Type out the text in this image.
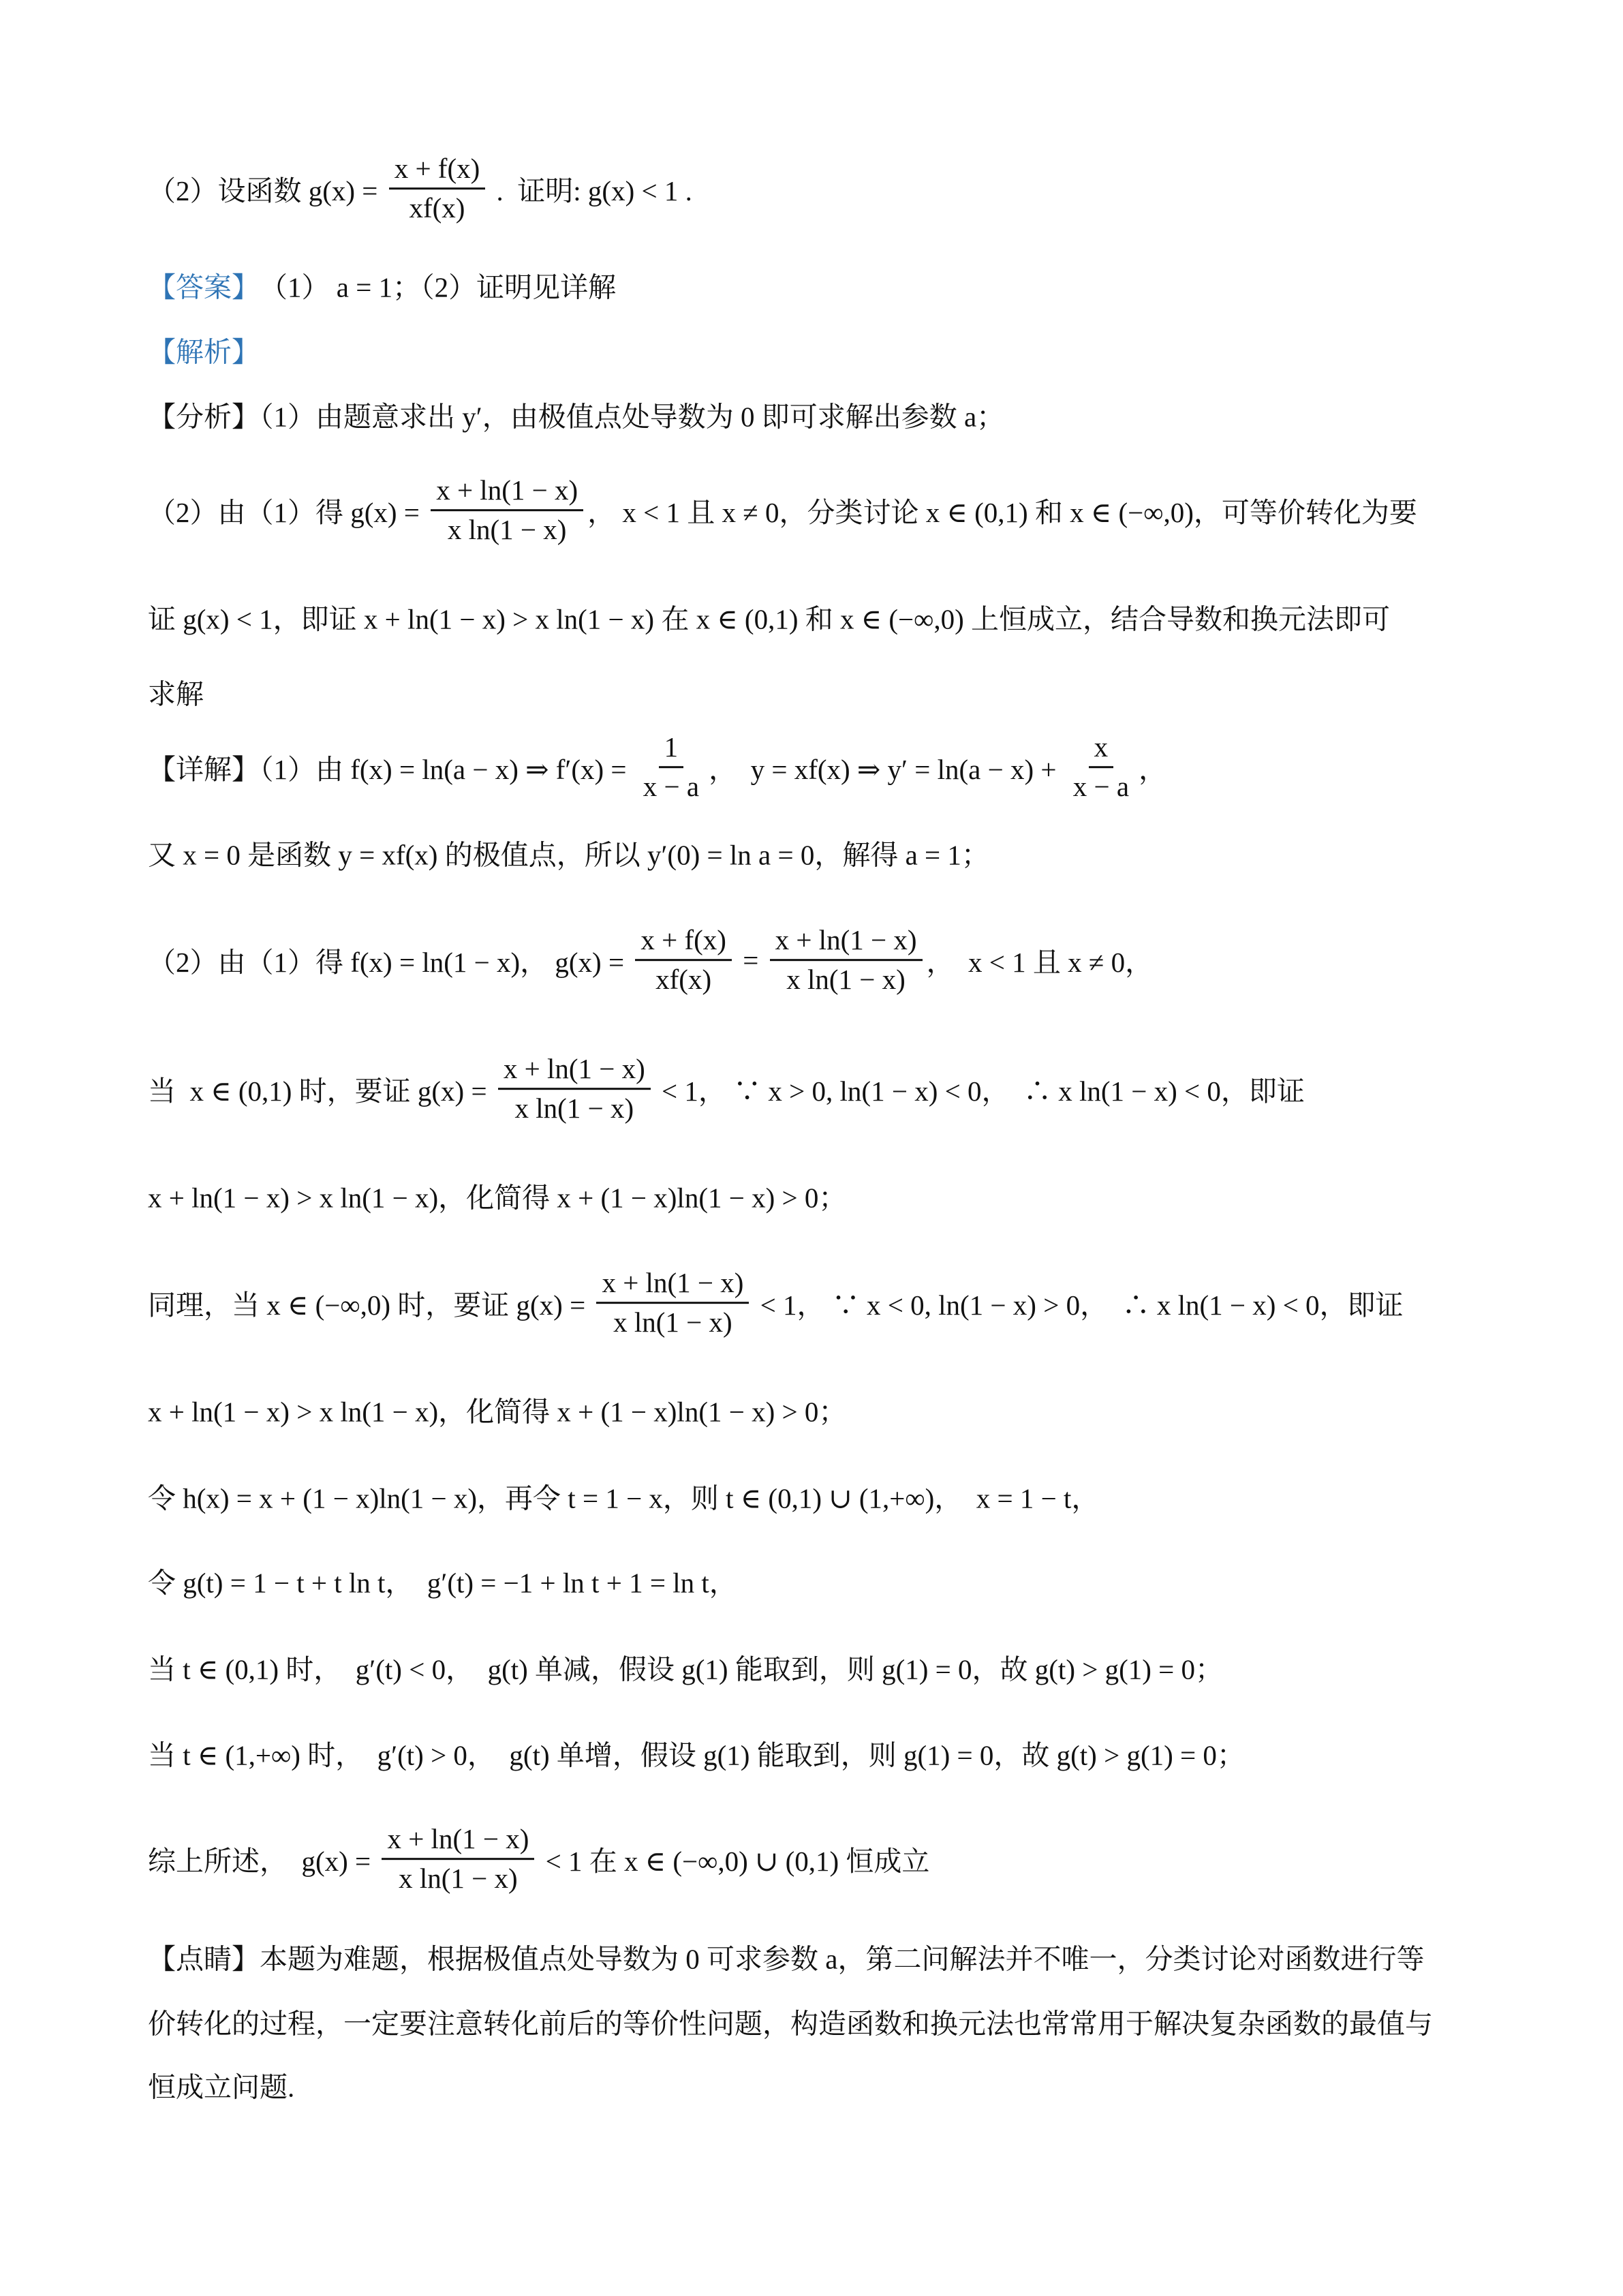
（2）设函数 $g(x) = \frac{x + f(x)}{xf(x)}$ .  证明: g(x) < 1 .
【答案】 （1） a = 1；（2）证明见详解
【解析】
【分析】（1）由题意求出 y′，由极值点处导数为 0 即可求解出参数 a；
（2）由（1）得 $g(x) = \frac{x + \ln(1 - x)}{\text{x ln(1 − x)}}$ ， x < 1 且 x ≠ 0，分类讨论 x ∈ (0,1) 和 x ∈ (−∞,0)，可等价转化为要
证 g(x) < 1，即证 x + ln(1 − x) > x ln(1 − x) 在 x ∈ (0,1) 和 x ∈ (−∞,0) 上恒成立，结合导数和换元法即可
求解
【详解】（1）由 f(x) = ln(a − x) ⇒ $f'(x) = \frac{1}{x - a}$ ，  y = xf(x) ⇒ $y' = \ln(a - x) + \frac{x}{x - a}$ ，
又 x = 0 是函数 y = xf(x) 的极值点，所以 y′(0) = ln a = 0，解得 a = 1；
（2）由（1）得 f(x) = ln(1 − x)， $g(x) = \frac{x + f(x)}{xf(x)} = \frac{x + \ln(1 - x)}{\text{x ln(1 − x)}}$ ，  x < 1 且 x ≠ 0，
当  x ∈ (0,1) 时，要证 $g(x) = \frac{x + \ln(1 - x)}{\text{x ln(1 − x)}} < 1$， ∵ x > 0, ln(1 − x) < 0，  ∴ x ln(1 − x) < 0，即证
x + ln(1 − x) > x ln(1 − x)，化简得 x + (1 − x)ln(1 − x) > 0；
同理，当 x ∈ (−∞,0) 时，要证 $g(x) = \frac{x + \ln(1 - x)}{\text{x ln(1 − x)}} < 1$， ∵ x < 0, ln(1 − x) > 0，  ∴ x ln(1 − x) < 0，即证
x + ln(1 − x) > x ln(1 − x)，化简得 x + (1 − x)ln(1 − x) > 0；
令 h(x) = x + (1 − x)ln(1 − x)，再令 t = 1 − x，则 t ∈ (0,1) ∪ (1,+∞)，  x = 1 − t，
令 g(t) = 1 − t + t ln t，  g′(t) = −1 + ln t + 1 = ln t，
当 t ∈ (0,1) 时，  g′(t) < 0，  g(t) 单减，假设 g(1) 能取到，则 g(1) = 0，故 g(t) > g(1) = 0；
当 t ∈ (1,+∞) 时，  g′(t) > 0，  g(t) 单增，假设 g(1) 能取到，则 g(1) = 0，故 g(t) > g(1) = 0；
综上所述，  $g(x) = \frac{x + \ln(1 - x)}{\text{x ln(1 − x)}} < 1$ 在 x ∈ (−∞,0) ∪ (0,1) 恒成立
【点睛】本题为难题，根据极值点处导数为 0 可求参数 a，第二问解法并不唯一，分类讨论对函数进行等
价转化的过程，一定要注意转化前后的等价性问题，构造函数和换元法也常常用于解决复杂函数的最值与
恒成立问题.
